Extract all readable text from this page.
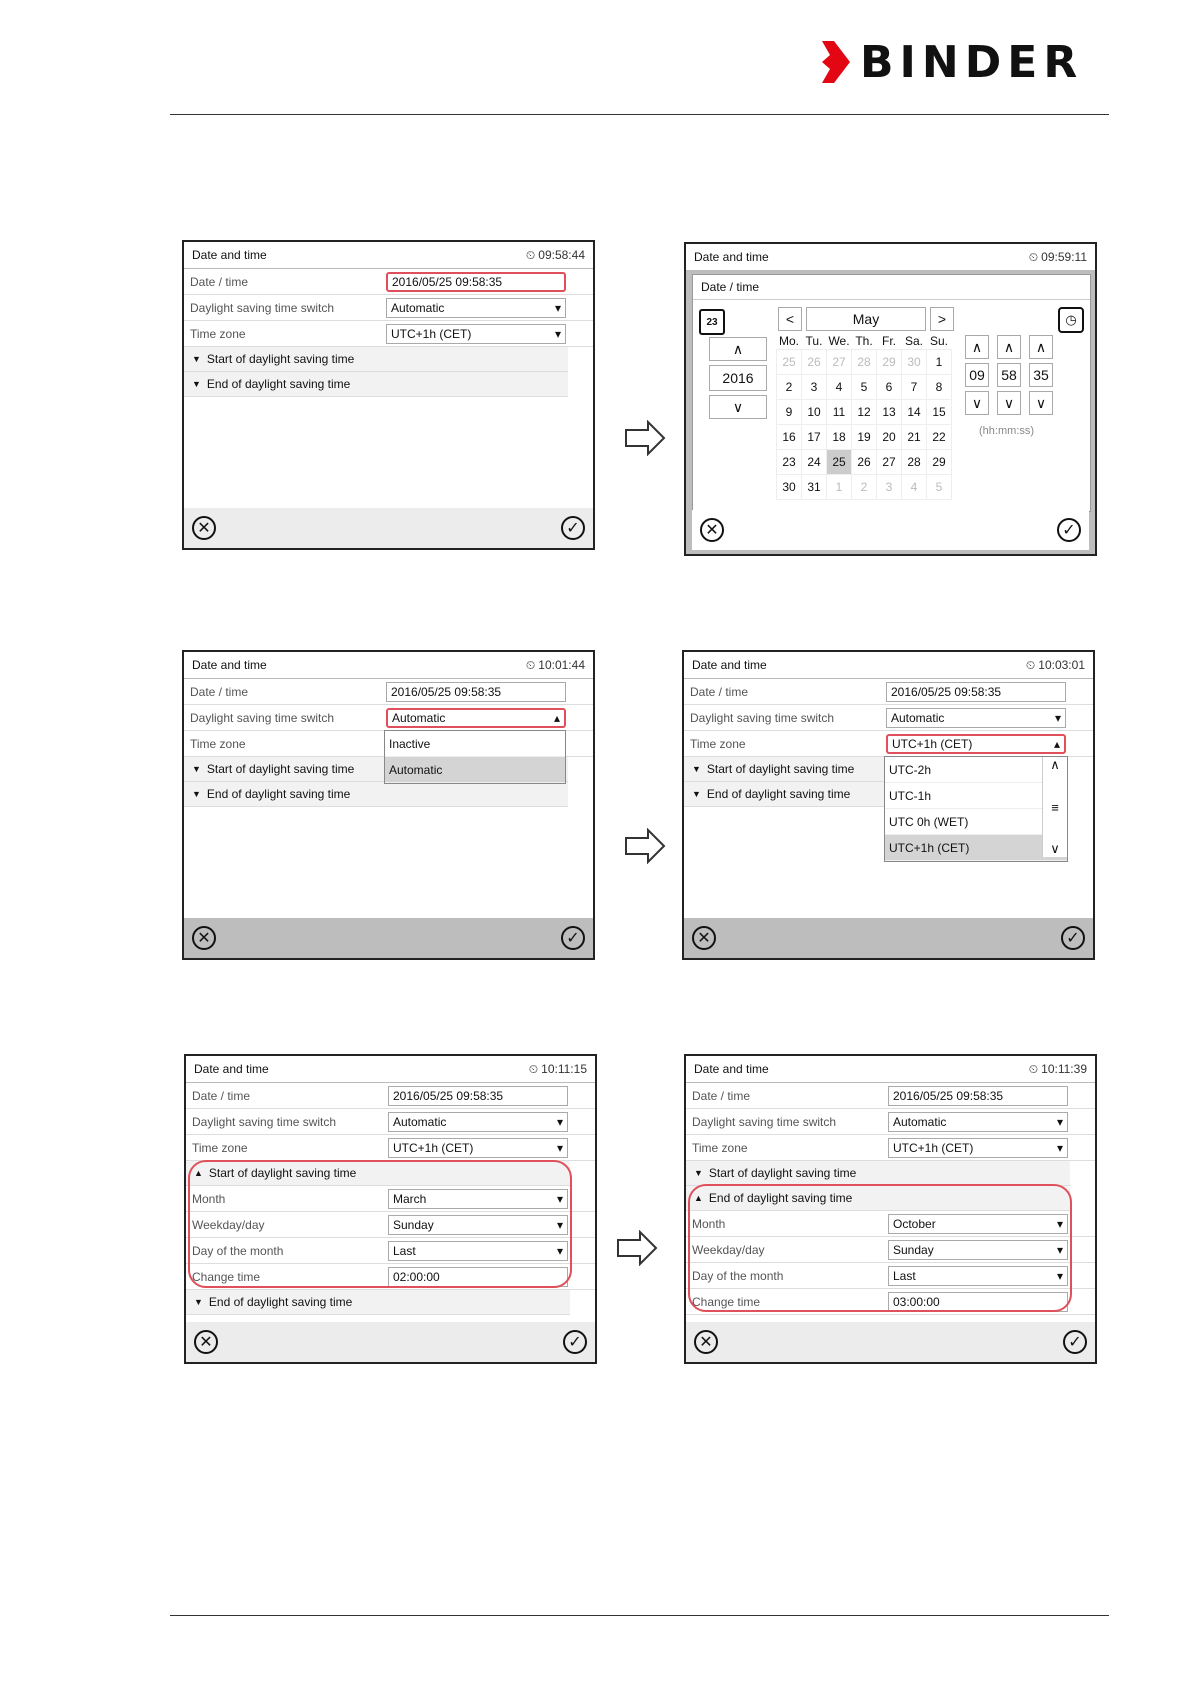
BINDER
Date and time	⏲ 09:58:44
Date / time	2016/05/25 09:58:35
Daylight saving time switch	Automatic	▾
Time zone	UTC+1h (CET)	▾
▼ Start of daylight saving time
▼ End of daylight saving time
✕	✓
Date and time	⏲ 09:59:11
Date / time
23
∧
2016
∨
<	May	>
Mo.	Tu.	We.	Th.	Fr.	Sa.	Su.
25	26	27	28	29	30	1
2	3	4	5	6	7	8
9	10	11	12	13	14	15
16	17	18	19	20	21	22
23	24	25	26	27	28	29
30	31	1	2	3	4	5
◷
∧
09
∨
∧
58
∨
∧
35
∨
(hh:mm:ss)
✕	✓
Date and time	⏲ 10:01:44
Date / time	2016/05/25 09:58:35
Daylight saving time switch	Automatic	▴
Time zone
▼ Start of daylight saving time
▼ End of daylight saving time
Inactive
Automatic
✕	✓
Date and time	⏲ 10:03:01
Date / time	2016/05/25 09:58:35
Daylight saving time switch	Automatic	▾
Time zone	UTC+1h (CET)	▴
▼ Start of daylight saving time
▼ End of daylight saving time
UTC-2h
UTC-1h
UTC 0h (WET)
UTC+1h (CET)
∧
≡
∨
✕	✓
Date and time	⏲ 10:11:15
Date / time	2016/05/25 09:58:35
Daylight saving time switch	Automatic	▾
Time zone	UTC+1h (CET)	▾
▲ Start of daylight saving time
Month	March	▾
Weekday/day	Sunday	▾
Day of the month	Last	▾
Change time	02:00:00
▼ End of daylight saving time
✕	✓
Date and time	⏲ 10:11:39
Date / time	2016/05/25 09:58:35
Daylight saving time switch	Automatic	▾
Time zone	UTC+1h (CET)	▾
▼ Start of daylight saving time
▲ End of daylight saving time
Month	October	▾
Weekday/day	Sunday	▾
Day of the month	Last	▾
Change time	03:00:00
✕	✓
